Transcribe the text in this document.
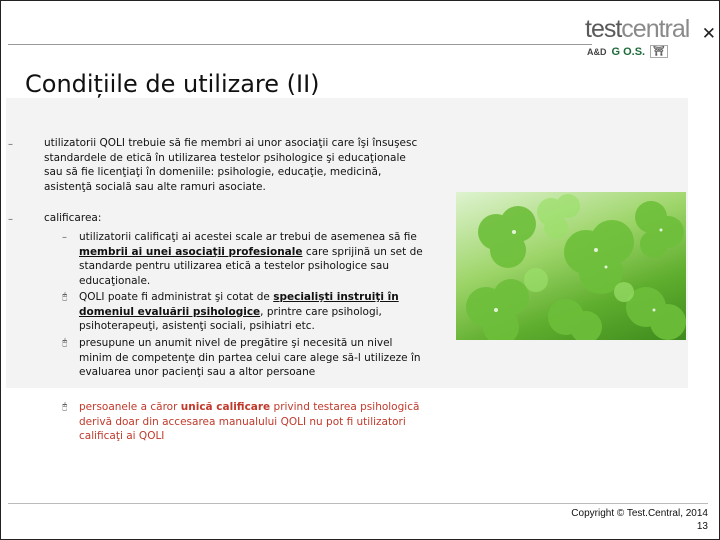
testcentral ✕
A&D G O.S. ⛩
Condițiile de utilizare (II)
–	utilizatorii QOLI trebuie să fie membri ai unor asociaţii care îşi însuşesc standardele de etică în utilizarea testelor psihologice şi educaţionale sau să fie licenţiaţi în domeniile: psihologie, educaţie, medicină, asistenţă socială sau alte ramuri asociate.
–	calificarea:
– utilizatorii calificaţi ai acestei scale ar trebui de asemenea să fie membrii ai unei asociaţii profesionale care sprijină un set de standarde pentru utilizarea etică a testelor psihologice sau educaţionale.
🖰 QOLI poate fi administrat şi cotat de specialişti instruiţi în domeniul evaluării psihologice, printre care psihologi, psihoterapeuţi, asistenţi sociali, psihiatri etc.
🖰 presupune un anumit nivel de pregătire şi necesită un nivel minim de competenţe din partea celui care alege să-l utilizeze în evaluarea unor pacienţi sau a altor persoane
🖰 persoanele a căror unică calificare privind testarea psihologică derivă doar din accesarea manualului QOLI nu pot fi utilizatori calificaţi ai QOLI
Copyright © Test.Central, 2014
13
